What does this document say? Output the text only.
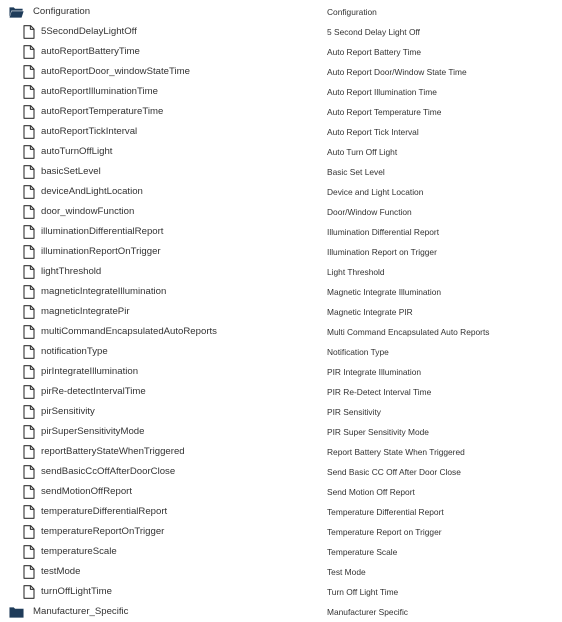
Configuration	Configuration
5SecondDelayLightOff	5 Second Delay Light Off
autoReportBatteryTime	Auto Report Battery Time
autoReportDoor_windowStateTime	Auto Report Door/Window State Time
autoReportIlluminationTime	Auto Report Illumination Time
autoReportTemperatureTime	Auto Report Temperature Time
autoReportTickInterval	Auto Report Tick Interval
autoTurnOffLight	Auto Turn Off Light
basicSetLevel	Basic Set Level
deviceAndLightLocation	Device and Light Location
door_windowFunction	Door/Window Function
illuminationDifferentialReport	Illumination Differential Report
illuminationReportOnTrigger	Illumination Report on Trigger
lightThreshold	Light Threshold
magneticIntegrateIllumination	Magnetic Integrate Illumination
magneticIntegratePir	Magnetic Integrate PIR
multiCommandEncapsulatedAutoReports	Multi Command Encapsulated Auto Reports
notificationType	Notification Type
pirIntegrateIllumination	PIR Integrate Illumination
pirRe-detectIntervalTime	PIR Re-Detect Interval Time
pirSensitivity	PIR Sensitivity
pirSuperSensitivityMode	PIR Super Sensitivity Mode
reportBatteryStateWhenTriggered	Report Battery State When Triggered
sendBasicCcOffAfterDoorClose	Send Basic CC Off After Door Close
sendMotionOffReport	Send Motion Off Report
temperatureDifferentialReport	Temperature Differential Report
temperatureReportOnTrigger	Temperature Report on Trigger
temperatureScale	Temperature Scale
testMode	Test Mode
turnOffLightTime	Turn Off Light Time
Manufacturer_Specific	Manufacturer Specific
